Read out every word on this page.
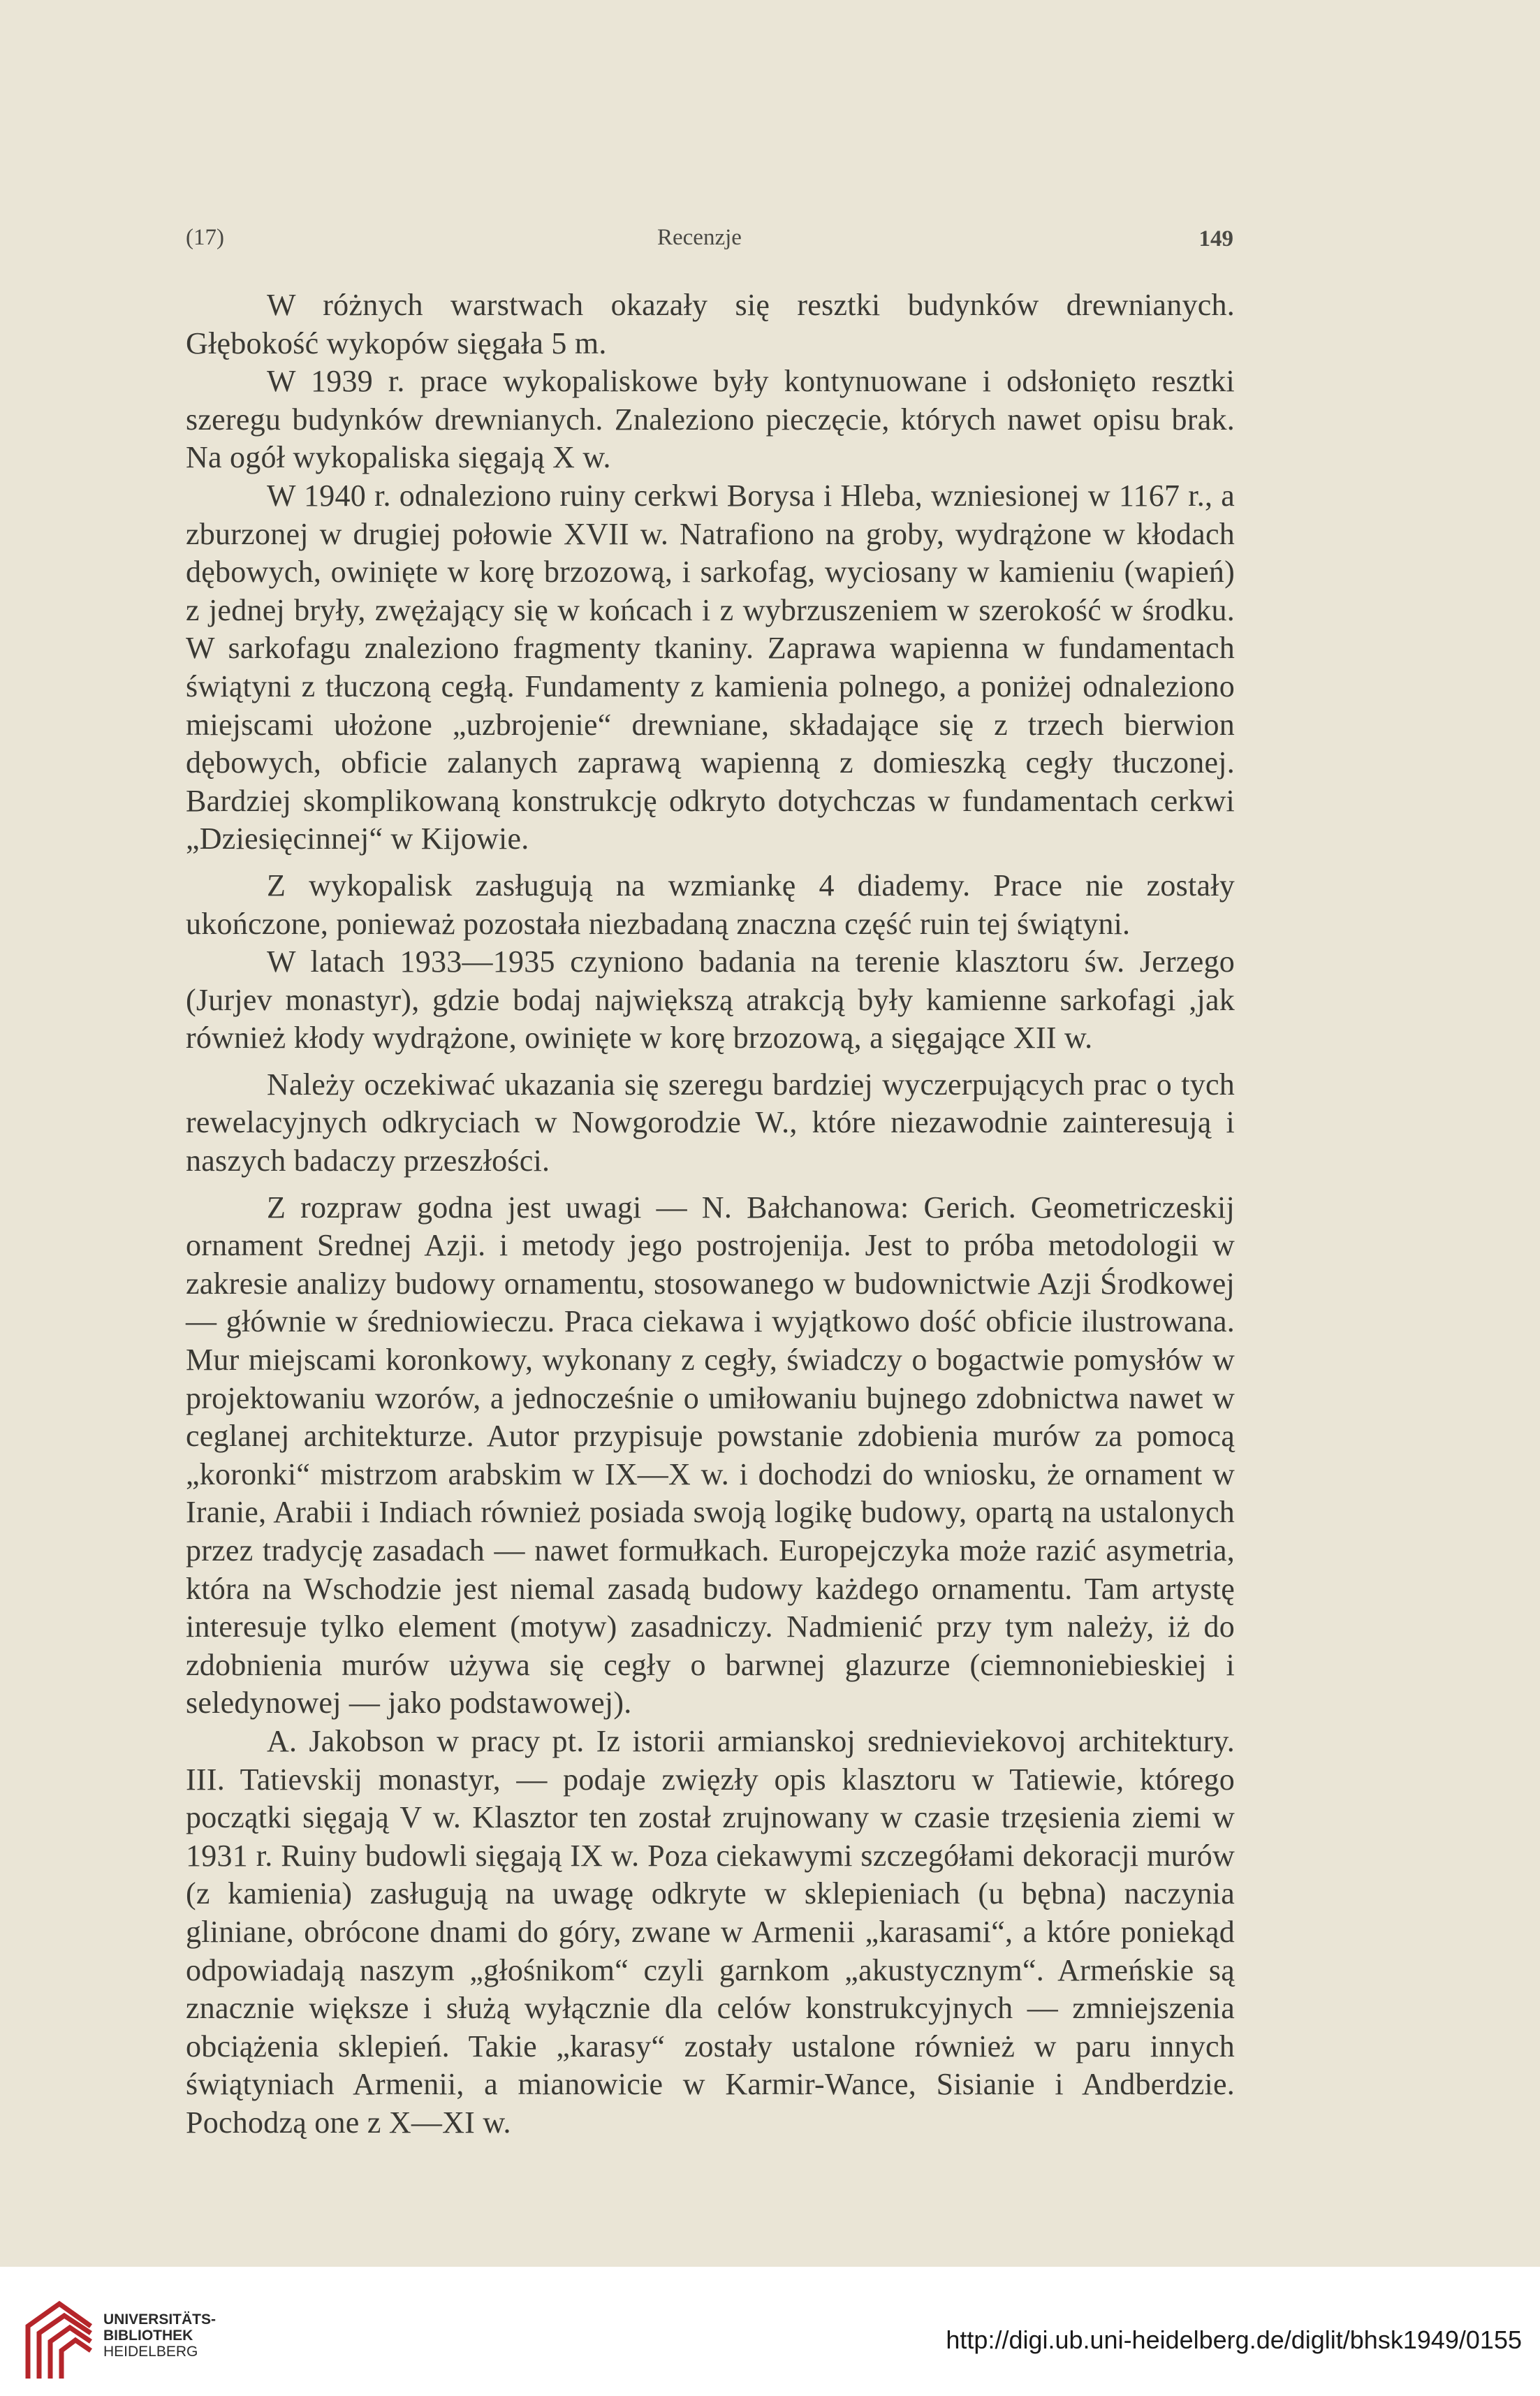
(17)	Recenzje	149

W różnych warstwach okazały się resztki budynków drewnianych. Głębokość wykopów sięgała 5 m.

W 1939 r. prace wykopaliskowe były kontynuowane i odsłonięto resztki szeregu budynków drewnianych. Znaleziono pieczęcie, których nawet opisu brak. Na ogół wykopaliska sięgają X w.

W 1940 r. odnaleziono ruiny cerkwi Borysa i Hleba, wzniesionej w 1167 r., a zburzonej w drugiej połowie XVII w. Natrafiono na groby, wydrążone w kłodach dębowych, owinięte w korę brzozową, i sarkofag, wyciosany w kamieniu (wapień) z jednej bryły, zwężający się w końcach i z wybrzuszeniem w szerokość w środku. W sarkofagu znaleziono fragmenty tkaniny. Zaprawa wapienna w fundamentach świątyni z tłuczoną cegłą. Fundamenty z kamienia polnego, a poniżej odnaleziono miejscami ułożone „uzbrojenie“ drewniane, składające się z trzech bierwion dębowych, obficie zalanych zaprawą wapienną z domieszką cegły tłuczonej. Bardziej skomplikowaną konstrukcję odkryto dotychczas w fundamentach cerkwi „Dziesięcinnej“ w Kijowie.

Z wykopalisk zasługują na wzmiankę 4 diademy. Prace nie zostały ukończone, ponieważ pozostała niezbadaną znaczna część ruin tej świątyni.

W latach 1933—1935 czyniono badania na terenie klasztoru św. Jerzego (Jurjev monastyr), gdzie bodaj największą atrakcją były kamienne sarkofagi ,jak również kłody wydrążone, owinięte w korę brzozową, a sięgające XII w.

Należy oczekiwać ukazania się szeregu bardziej wyczerpujących prac o tych rewelacyjnych odkryciach w Nowgorodzie W., które niezawodnie zainteresują i naszych badaczy przeszłości.

Z rozpraw godna jest uwagi — N. Bałchanowa: Gerich. Geometriczeskij ornament Srednej Azji. i metody jego postrojenija. Jest to próba metodologii w zakresie analizy budowy ornamentu, stosowanego w budownictwie Azji Środkowej — głównie w średniowieczu. Praca ciekawa i wyjątkowo dość obficie ilustrowana. Mur miejscami koronkowy, wykonany z cegły, świadczy o bogactwie pomysłów w projektowaniu wzorów, a jednocześnie o umiłowaniu bujnego zdobnictwa nawet w ceglanej architekturze. Autor przypisuje powstanie zdobienia murów za pomocą „koronki“ mistrzom arabskim w IX—X w. i dochodzi do wniosku, że ornament w Iranie, Arabii i Indiach również posiada swoją logikę budowy, opartą na ustalonych przez tradycję zasadach — nawet formułkach. Europejczyka może razić asymetria, która na Wschodzie jest niemal zasadą budowy każdego ornamentu. Tam artystę interesuje tylko element (motyw) zasadniczy. Nadmienić przy tym należy, iż do zdobnienia murów używa się cegły o barwnej glazurze (ciemnoniebieskiej i seledynowej — jako podstawowej).

A. Jakobson w pracy pt. Iz istorii armianskoj srednieviekovoj architektury. III. Tatievskij monastyr, — podaje zwięzły opis klasztoru w Tatiewie, którego początki sięgają V w. Klasztor ten został zrujnowany w czasie trzęsienia ziemi w 1931 r. Ruiny budowli sięgają IX w. Poza ciekawymi szczegółami dekoracji murów (z kamienia) zasługują na uwagę odkryte w sklepieniach (u bębna) naczynia gliniane, obrócone dnami do góry, zwane w Armenii „karasami“, a które poniekąd odpowiadają naszym „głośnikom“ czyli garnkom „akustycznym“. Armeńskie są znacznie większe i służą wyłącznie dla celów konstrukcyjnych — zmniejszenia obciążenia sklepień. Takie „karasy“ zostały ustalone również w paru innych świątyniach Armenii, a mianowicie w Karmir-Wance, Sisianie i Andberdzie. Pochodzą one z X—XI w.

UNIVERSITÄTS-
BIBLIOTHEK
HEIDELBERG	http://digi.ub.uni-heidelberg.de/diglit/bhsk1949/0155
